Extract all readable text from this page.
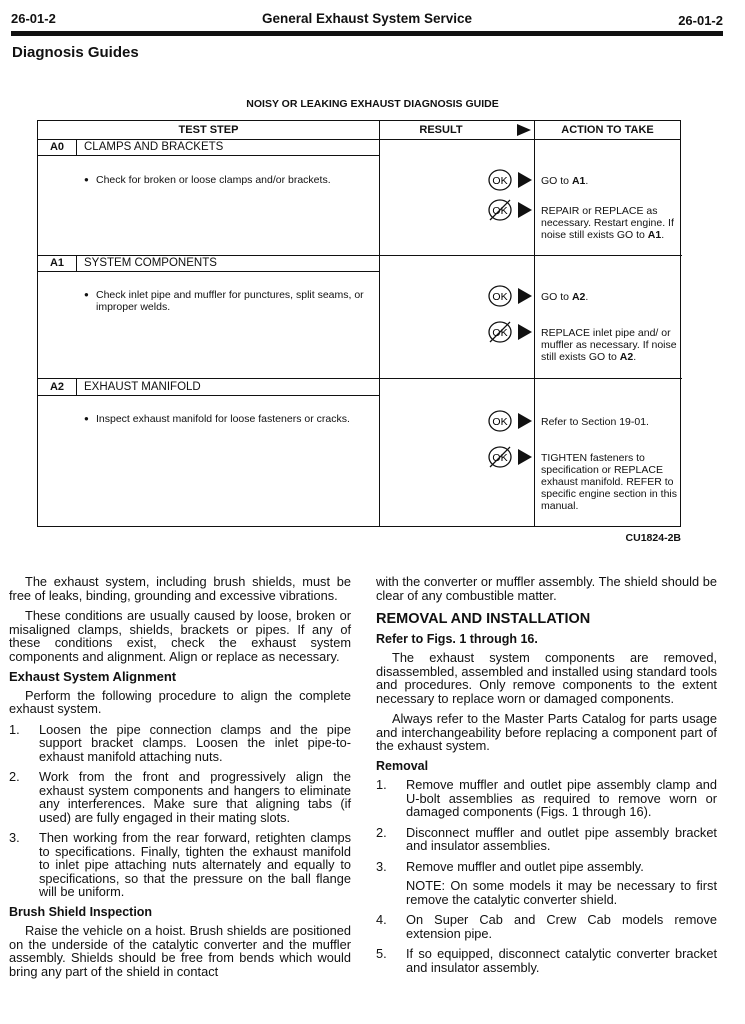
26-01-2	General Exhaust System Service	26-01-2
Diagnosis Guides
NOISY OR LEAKING EXHAUST DIAGNOSIS GUIDE
TEST STEP	RESULT	ACTION TO TAKE
A0	CLAMPS AND BRACKETS
● Check for broken or loose clamps and/or brackets.	OK	GO to A1.
OK	REPAIR or REPLACE as necessary. Restart engine. If noise still exists GO to A1.
A1	SYSTEM COMPONENTS
● Check inlet pipe and muffler for punctures, split seams, or improper welds.
OK	GO to A2.
OK	REPLACE inlet pipe and/ or muffler as necessary. If noise still exists GO to A2.
A2	EXHAUST MANIFOLD
● Inspect exhaust manifold for loose fasteners or cracks.	OK	Refer to Section 19-01.
OK	TIGHTEN fasteners to specification or REPLACE exhaust manifold. REFER to specific engine section in this manual.
CU1824-2B

The exhaust system, including brush shields, must be free of leaks, binding, grounding and excessive vibrations.

These conditions are usually caused by loose, broken or misaligned clamps, shields, brackets or pipes. If any of these conditions exist, check the exhaust system components and alignment. Align or replace as necessary.

Exhaust System Alignment

Perform the following procedure to align the complete exhaust system.

1. Loosen the pipe connection clamps and the pipe support bracket clamps. Loosen the inlet pipe-to-exhaust manifold attaching nuts.
2. Work from the front and progressively align the exhaust system components and hangers to eliminate any interferences. Make sure that aligning tabs (if used) are fully engaged in their mating slots.
3. Then working from the rear forward, retighten clamps to specifications. Finally, tighten the exhaust manifold to inlet pipe attaching nuts alternately and equally to specifications, so that the pressure on the ball flange will be uniform.
Brush Shield Inspection

Raise the vehicle on a hoist. Brush shields are positioned on the underside of the catalytic converter and the muffler assembly. Shields should be free from bends which would bring any part of the shield in contact

with the converter or muffler assembly. The shield should be clear of any combustible matter.

REMOVAL AND INSTALLATION
Refer to Figs. 1 through 16.

The exhaust system components are removed, disassembled, assembled and installed using standard tools and procedures. Only remove components to the extent necessary to replace worn or damaged components.

Always refer to the Master Parts Catalog for parts usage and interchangeability before replacing a component part of the exhaust system.

Removal
1. Remove muffler and outlet pipe assembly clamp and U-bolt assemblies as required to remove worn or damaged components (Figs. 1 through 16).
2. Disconnect muffler and outlet pipe assembly bracket and insulator assemblies.
3. Remove muffler and outlet pipe assembly.
NOTE: On some models it may be necessary to first remove the catalytic converter shield.
4. On Super Cab and Crew Cab models remove extension pipe.
5. If so equipped, disconnect catalytic converter bracket and insulator assembly.
